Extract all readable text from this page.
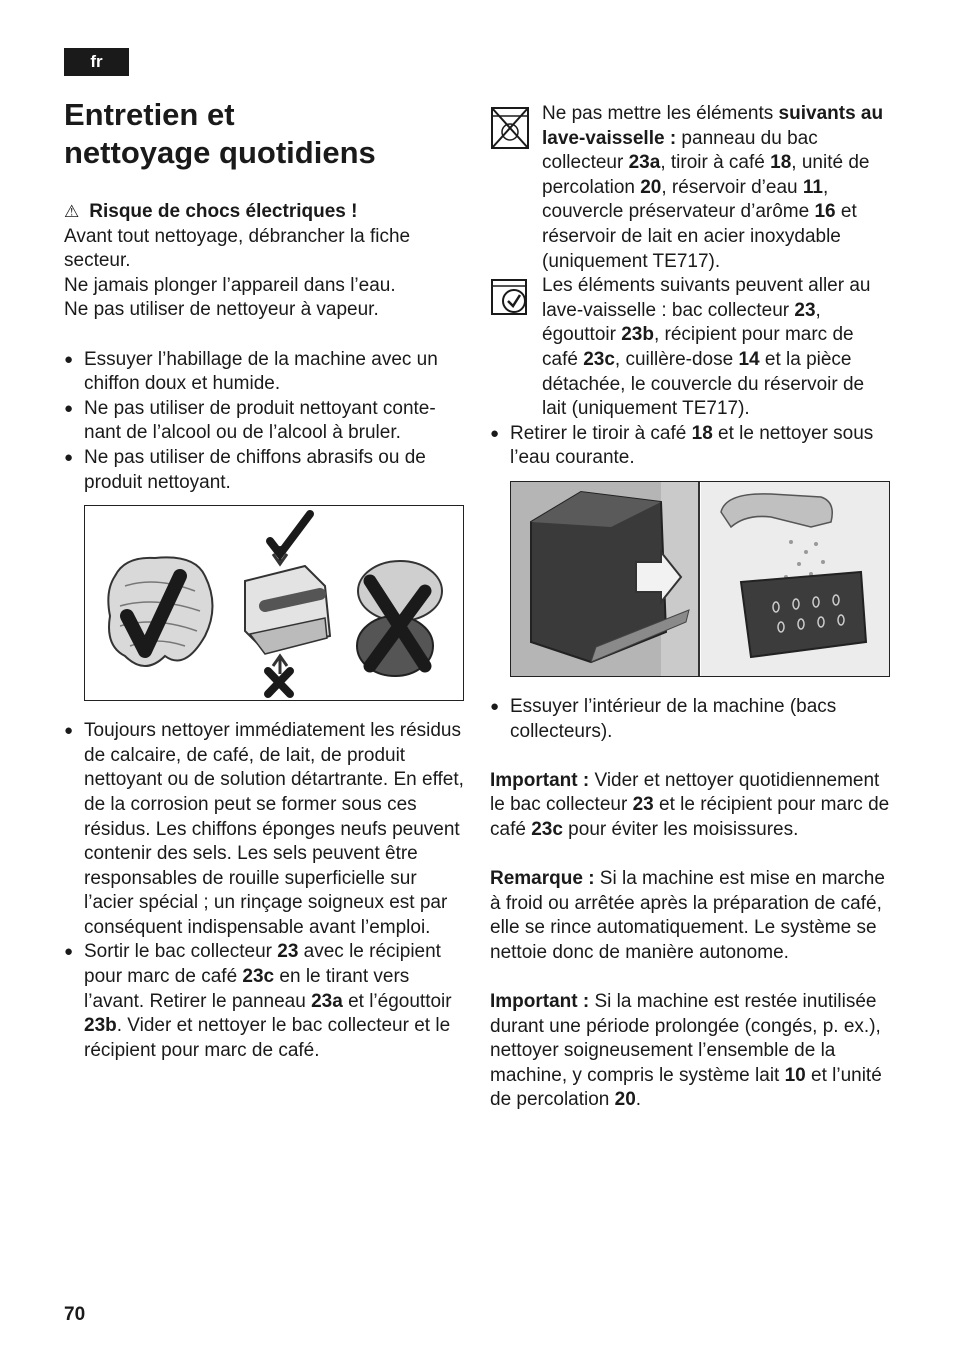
fr
Entretien et
nettoyage quotidiens

⚠ Risque de chocs électriques !

Avant tout nettoyage, débrancher la fiche secteur.

Ne jamais plonger l’appareil dans l’eau.

Ne pas utiliser de nettoyeur à vapeur.

● Essuyer l’habillage de la machine avec un chiffon doux et humide.

● Ne pas utiliser de produit nettoyant contenant de l’alcool ou de l’alcool à bruler.

● Ne pas utiliser de chiffons abrasifs ou de produit nettoyant.

● Toujours nettoyer immédiatement les résidus de calcaire, de café, de lait, de produit nettoyant ou de solution détartrante. En effet, de la corrosion peut se former sous ces résidus. Les chiffons éponges neufs peuvent contenir des sels. Les sels peuvent être responsables de rouille superficielle sur l’acier spécial ; un rinçage soigneux est par conséquent indispensable avant l’emploi.

● Sortir le bac collecteur 23 avec le récipient pour marc de café 23c en le tirant vers l’avant. Retirer le panneau 23a et l’égouttoir 23b. Vider et nettoyer le bac collecteur et le récipient pour marc de café.

Ne pas mettre les éléments suivants au lave-vaisselle : panneau du bac collecteur 23a, tiroir à café 18, unité de percolation 20, réservoir d’eau 11, couvercle préservateur d’arôme 16 et réservoir de lait en acier inoxydable (uniquement TE717).

Les éléments suivants peuvent aller au lave-vaisselle : bac collecteur 23, égouttoir 23b, récipient pour marc de café 23c, cuillère-dose 14 et la pièce détachée, le couvercle du réservoir de lait (uniquement TE717).

● Retirer le tiroir à café 18 et le nettoyer sous l’eau courante.

● Essuyer l’intérieur de la machine (bacs collecteurs).

Important : Vider et nettoyer quotidiennement le bac collecteur 23 et le récipient pour marc de café 23c pour éviter les moisissures.

Remarque : Si la machine est mise en marche à froid ou arrêtée après la préparation de café, elle se rince automatiquement. Le système se nettoie donc de manière autonome.

Important : Si la machine est restée inutilisée durant une période prolongée (congés, p. ex.), nettoyer soigneusement l’ensemble de la machine, y compris le système lait 10 et l’unité de percolation 20.

70
